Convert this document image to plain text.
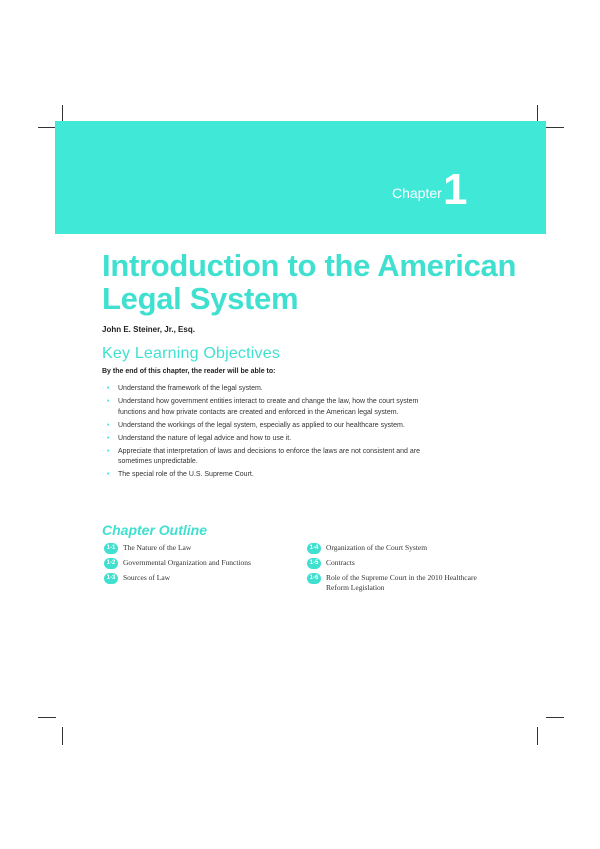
Chapter 1
Introduction to the American Legal System
John E. Steiner, Jr., Esq.
Key Learning Objectives
By the end of this chapter, the reader will be able to:
• Understand the framework of the legal system.
• Understand how government entities interact to create and change the law, how the court system functions and how private contacts are created and enforced in the American legal system.
• Understand the workings of the legal system, especially as applied to our healthcare system.
• Understand the nature of legal advice and how to use it.
• Appreciate that interpretation of laws and decisions to enforce the laws are not consistent and are sometimes unpredictable.
• The special role of the U.S. Supreme Court.
Chapter Outline
1-1	The Nature of the Law
1-2	Governmental Organization and Functions
1-3	Sources of Law
1-4	Organization of the Court System
1-5	Contracts
1-6	Role of the Supreme Court in the 2010 Healthcare Reform Legislation
